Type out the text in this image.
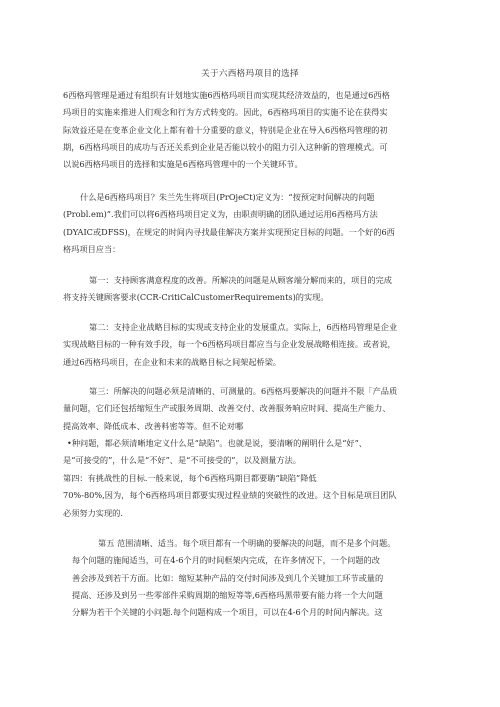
关于六西格玛项目的选择
6西格玛管理是通过有组织有计划地实施6西格玛项目而实现其经济效益的，也是通过6西格
玛项目的实施来推进人们观念和行为方式转变的。因此，6西格玛项目的实施不论在获得实
际效益还是在变革企业文化上都有着十分重要的意义，特别是企业在导入6西格玛管理的初
期，6西格玛项目的成功与否还关系到企业是否能以较小的阻力引入这种新的管理模式。可
以说6西格玛项目的选择和实施是6西格玛管理中的一个关键环节。
什么是6西格玛项目？朱兰先生将项目(PrOjeCt)定义为：“按预定时间解决的问题
(Probl.em)”.我们可以将6西格玛项目定义为，由职责明确的团队通过运用6西格玛方法
(DYAIC或DFSS)，在规定的时间内寻找最佳解决方案并实现预定目标的问题。一个好的6西
格玛项目应当：
第一：支持顾客满意程度的改善。所解决的问题是从顾客端分解而来的，项目的完成
将支持关键顾客要求(CCR-CritiCalCustomerRequirements)的实现。
第二：支持企业战略目标的实现或支持企业的发展重点。实际上，6西格玛管理是企业
实现战略目标的一种有效手段，每一个6西格玛项目都应当与企业发展战略相连接。或者说，
通过6西格玛项目，在企业和未来的战略目标之间架起桥梁。
第三：所解决的问题必须是清晰的、可测量的。6西格玛要解决的问题并不限「产品质
量问题，它们还包括缩短生产或服务周期、改善交付、改善服务响应时间、提高生产能力、
提高效率、降低成本、改善料密等等。但不论对哪
•种问题，都必须清晰地定义什么是“缺陷”。也就是说，要清晰的阐明什么是“好”、
是“可接受的”，什么是“不好”、是“不可接受的”，以及测量方法。
第四：有挑战性的目标.一般来说，每个6西格玛期目都要聃“缺陷”降低
70%-80%,因为，每个6西格玛项目都要实现过程业绩的突破性的改进。这个目标是项目团队
必须努力实现的.
第五 范围清晰、适当。每个项目都有一个明确的要解决的问题，而不是多个问题。
每个问题的施闻适当，可在4-6个月的时间框架内完成，在许多情况下，一个问题的改
善会涉及到若干方面。比如：缩短某种产品的交付时间涉及到几个关键加工环节或量的
提高、还涉及到另一些零部件采购周期的缩短等等,6西格玛黑带要有能力将一个大问题
分解为若干个关键的小问题.每个问题构成一个项目，可以在4-6个月的时间内解决。这
